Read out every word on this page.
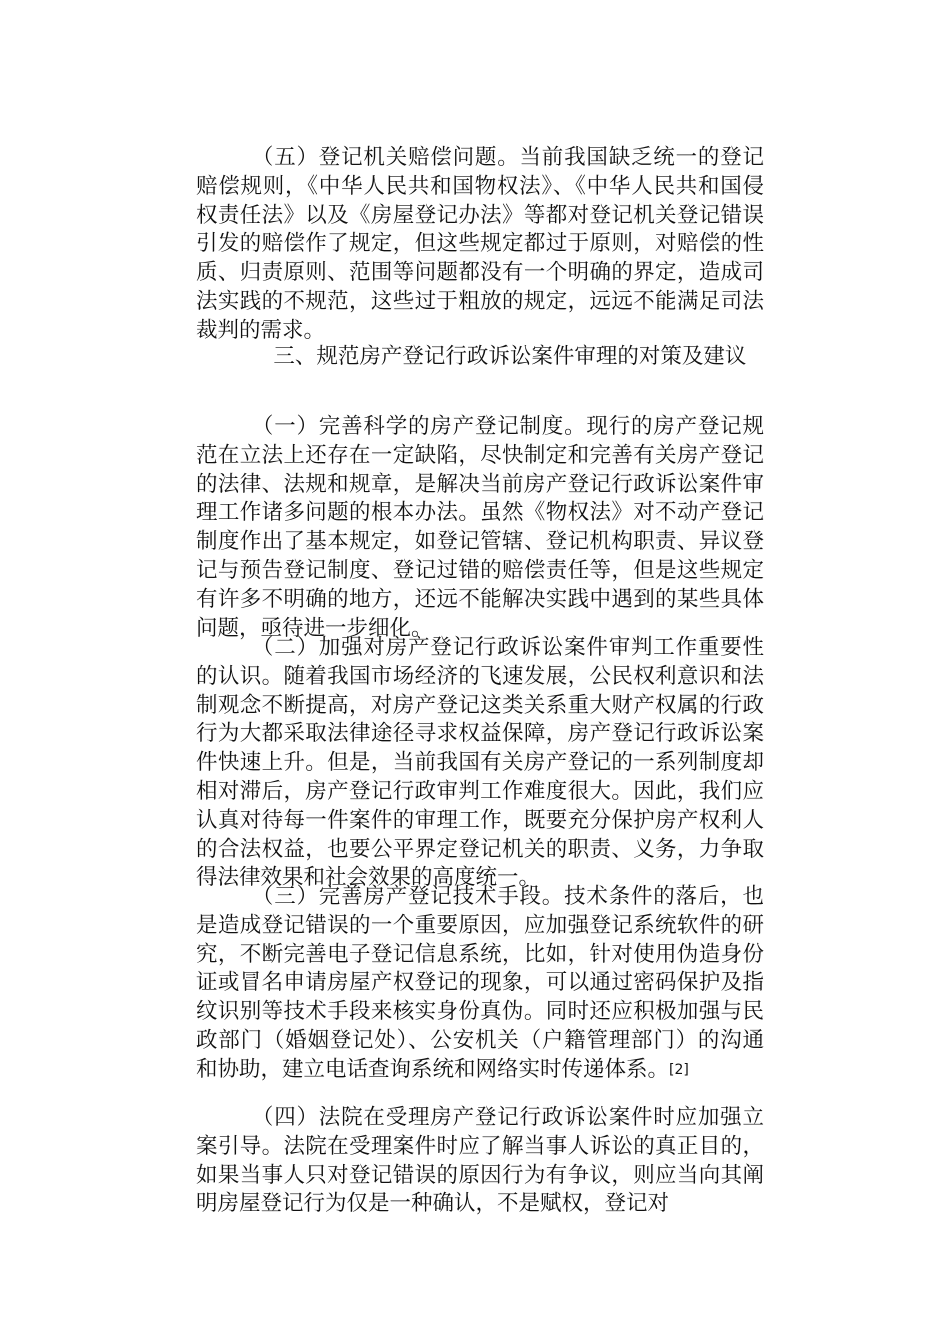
（五）登记机关赔偿问题。当前我国缺乏统一的登记赔偿规则，《中华人民共和国物权法》、《中华人民共和国侵权责任法》以及《房屋登记办法》等都对登记机关登记错误引发的赔偿作了规定，但这些规定都过于原则，对赔偿的性质、归责原则、范围等问题都没有一个明确的界定，造成司法实践的不规范，这些过于粗放的规定，远远不能满足司法裁判的需求。

三、规范房产登记行政诉讼案件审理的对策及建议

（一）完善科学的房产登记制度。现行的房产登记规范在立法上还存在一定缺陷，尽快制定和完善有关房产登记的法律、法规和规章，是解决当前房产登记行政诉讼案件审理工作诸多问题的根本办法。虽然《物权法》对不动产登记制度作出了基本规定，如登记管辖、登记机构职责、异议登记与预告登记制度、登记过错的赔偿责任等，但是这些规定有许多不明确的地方，还远不能解决实践中遇到的某些具体问题，亟待进一步细化。

（二）加强对房产登记行政诉讼案件审判工作重要性的认识。随着我国市场经济的飞速发展，公民权利意识和法制观念不断提高，对房产登记这类关系重大财产权属的行政行为大都采取法律途径寻求权益保障，房产登记行政诉讼案件快速上升。但是，当前我国有关房产登记的一系列制度却相对滞后，房产登记行政审判工作难度很大。因此，我们应认真对待每一件案件的审理工作，既要充分保护房产权利人的合法权益，也要公平界定登记机关的职责、义务，力争取得法律效果和社会效果的高度统一。

（三）完善房产登记技术手段。技术条件的落后，也是造成登记错误的一个重要原因，应加强登记系统软件的研究，不断完善电子登记信息系统，比如，针对使用伪造身份证或冒名申请房屋产权登记的现象，可以通过密码保护及指纹识别等技术手段来核实身份真伪。同时还应积极加强与民政部门（婚姻登记处）、公安机关（户籍管理部门）的沟通和协助，建立电话查询系统和网络实时传递体系。[2]

（四）法院在受理房产登记行政诉讼案件时应加强立案引导。法院在受理案件时应了解当事人诉讼的真正目的，如果当事人只对登记错误的原因行为有争议，则应当向其阐明房屋登记行为仅是一种确认，不是赋权，登记对
